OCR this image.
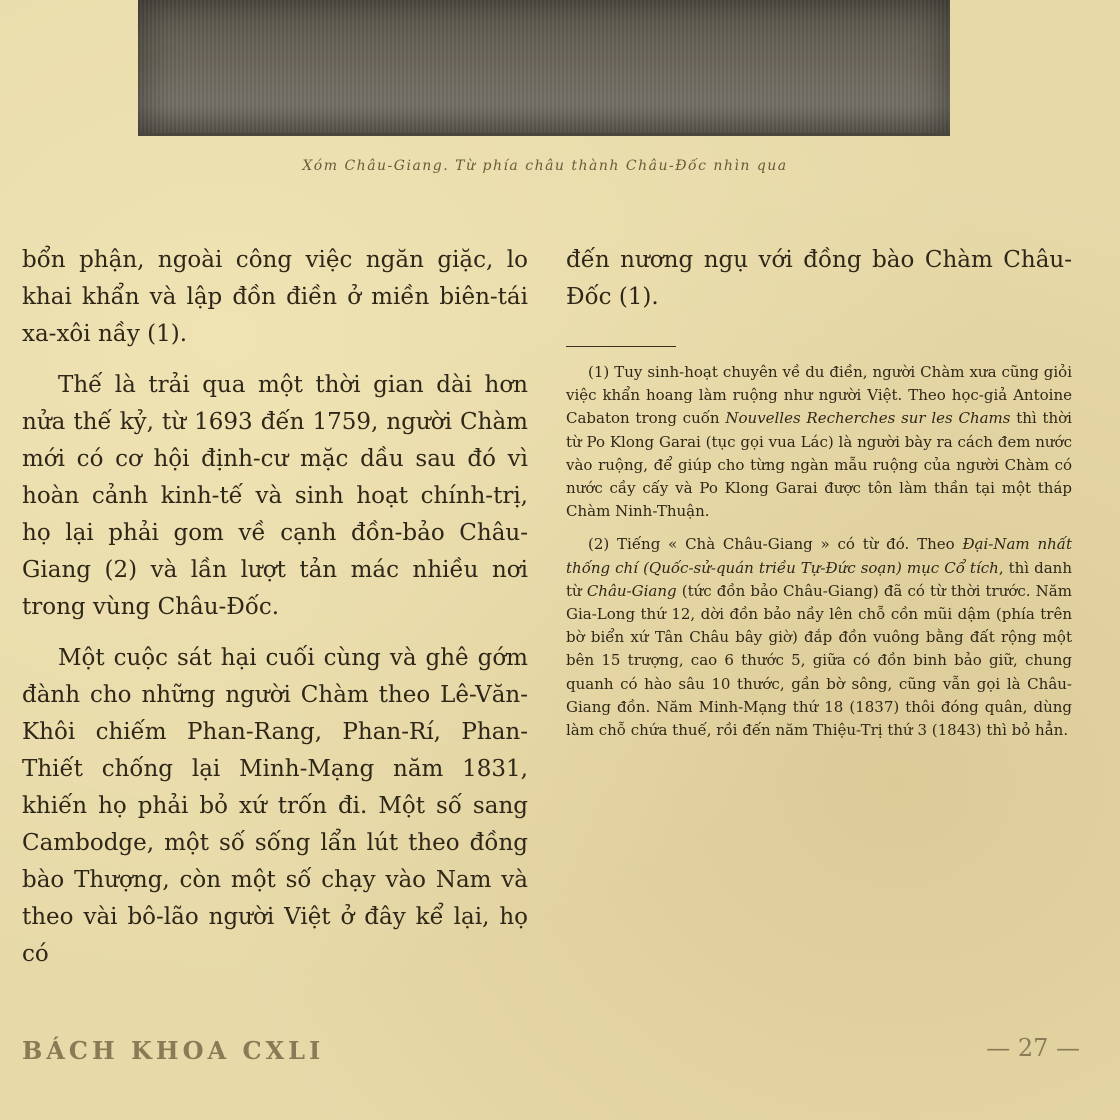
Xóm Châu-Giang. Từ phía châu thành Châu-Đốc nhìn qua

bổn phận, ngoài công việc ngăn giặc, lo khai khẩn và lập đồn điền ở miền biên-tái xa-xôi nầy (1).

Thế là trải qua một thời gian dài hơn nửa thế kỷ, từ 1693 đến 1759, người Chàm mới có cơ hội định-cư mặc dầu sau đó vì hoàn cảnh kinh-tế và sinh hoạt chính-trị, họ lại phải gom về cạnh đồn-bảo Châu-Giang (2) và lần lượt tản mác nhiều nơi trong vùng Châu-Đốc.

Một cuộc sát hại cuối cùng và ghê gớm đành cho những người Chàm theo Lê-Văn-Khôi chiếm Phan-Rang, Phan-Rí, Phan-Thiết chống lại Minh-Mạng năm 1831, khiến họ phải bỏ xứ trốn đi. Một số sang Cambodge, một số sống lẩn lút theo đồng bào Thượng, còn một số chạy vào Nam và theo vài bô-lão người Việt ở đây kể lại, họ có

đến nương ngụ với đồng bào Chàm Châu-Đốc (1).

(1) Tuy sinh-hoạt chuyên về du điền, người Chàm xưa cũng giỏi việc khẩn hoang làm ruộng như người Việt. Theo học-giả Antoine Cabaton trong cuốn Nouvelles Recherches sur les Chams thì thời từ Po Klong Garai (tục gọi vua Lác) là người bày ra cách đem nước vào ruộng, để giúp cho từng ngàn mẫu ruộng của người Chàm có nước cầy cấy và Po Klong Garai được tôn làm thần tại một tháp Chàm Ninh-Thuận.

(2) Tiếng « Chà Châu-Giang » có từ đó. Theo Đại-Nam nhất thống chí (Quốc-sử-quán triều Tự-Đức soạn) mục Cổ tích, thì danh từ Châu-Giang (tức đồn bảo Châu-Giang) đã có từ thời trước. Năm Gia-Long thứ 12, dời đồn bảo nầy lên chỗ cồn mũi dậm (phía trên bờ biển xứ Tân Châu bây giờ) đắp đồn vuông bằng đất rộng một bên 15 trượng, cao 6 thước 5, giữa có đồn binh bảo giữ, chung quanh có hào sâu 10 thước, gần bờ sông, cũng vẫn gọi là Châu-Giang đồn. Năm Minh-Mạng thứ 18 (1837) thôi đóng quân, dùng làm chỗ chứa thuế, rồi đến năm Thiệu-Trị thứ 3 (1843) thì bỏ hẳn.

BÁCH KHOA CXLI	— 27 —
